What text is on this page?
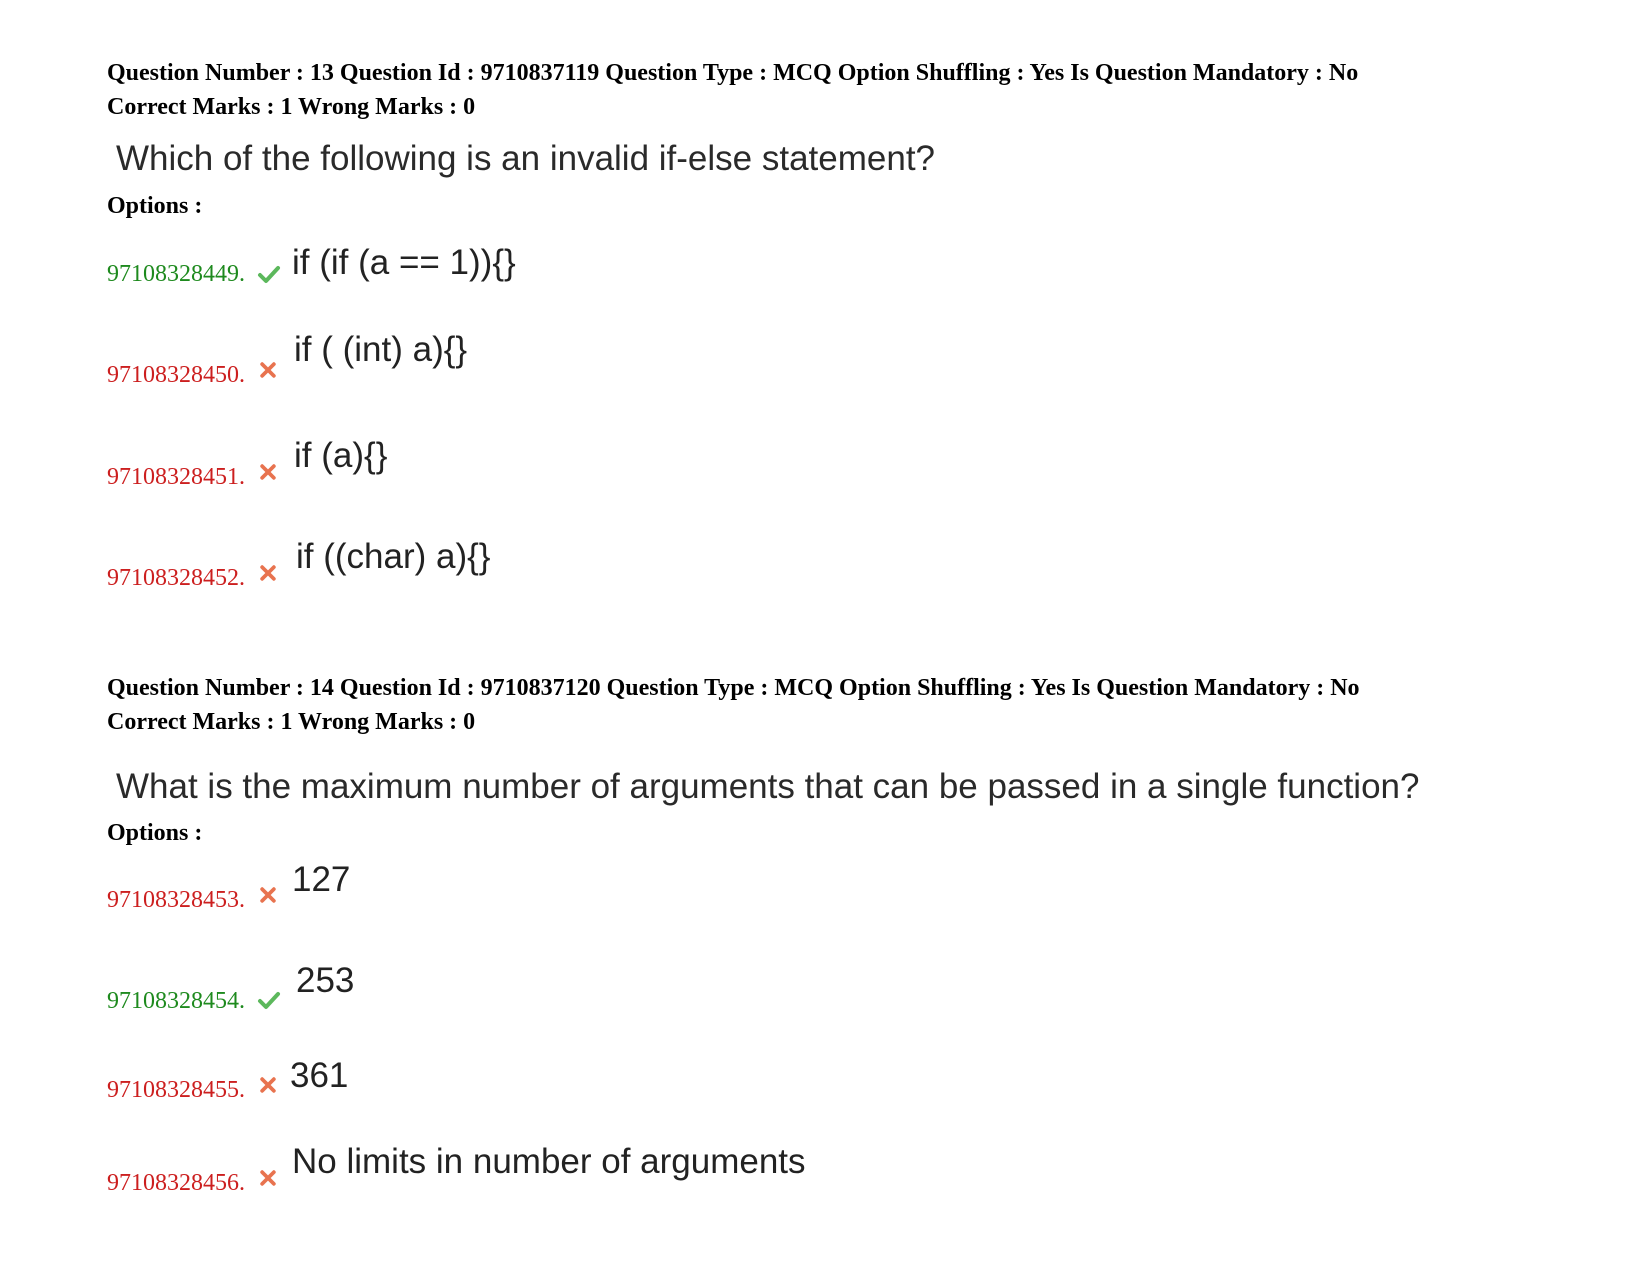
Question Number : 13 Question Id : 9710837119 Question Type : MCQ Option Shuffling : Yes Is Question Mandatory : No
Correct Marks : 1 Wrong Marks : 0
Which of the following is an invalid if-else statement?
Options :
97108328449. if (if (a == 1)){}
97108328450.
if ( (int) a){}
97108328451.
if (a){}
97108328452.
if ((char) a){}
Question Number : 14 Question Id : 9710837120 Question Type : MCQ Option Shuffling : Yes Is Question Mandatory : No
Correct Marks : 1 Wrong Marks : 0
What is the maximum number of arguments that can be passed in a single function?
Options :
97108328453.
127
97108328454.
253
97108328455. 361
97108328456.
No limits in number of arguments
